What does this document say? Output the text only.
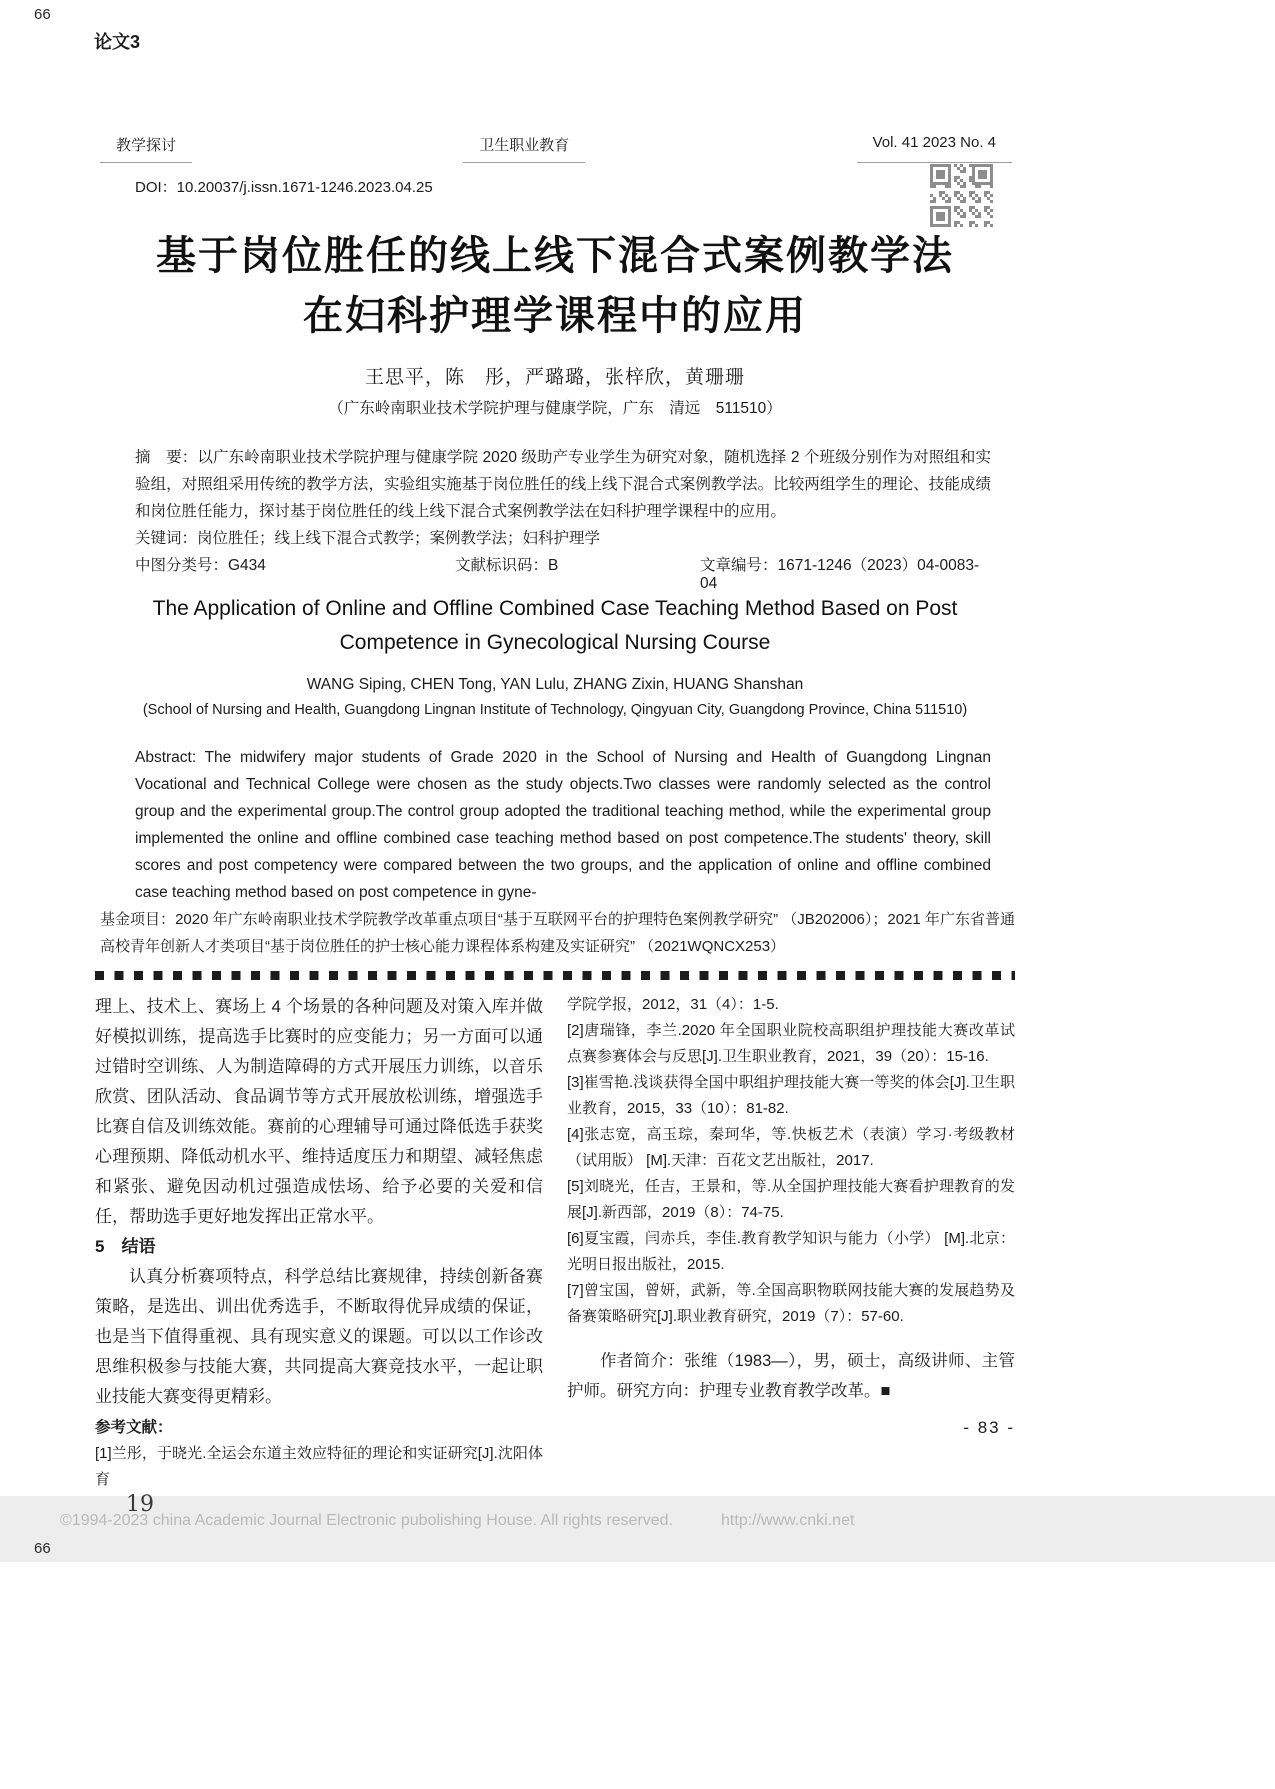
66
论文3
教学探讨	卫生职业教育	Vol. 41 2023 No. 4
DOI：10.20037/j.issn.1671-1246.2023.04.25
基于岗位胜任的线上线下混合式案例教学法
在妇科护理学课程中的应用
王思平，陈　彤，严璐璐，张梓欣，黄珊珊
（广东岭南职业技术学院护理与健康学院，广东　清远　511510）

摘　要：以广东岭南职业技术学院护理与健康学院 2020 级助产专业学生为研究对象，随机选择 2 个班级分别作为对照组和实验组，对照组采用传统的教学方法，实验组实施基于岗位胜任的线上线下混合式案例教学法。比较两组学生的理论、技能成绩和岗位胜任能力，探讨基于岗位胜任的线上线下混合式案例教学法在妇科护理学课程中的应用。

关键词：岗位胜任；线上线下混合式教学；案例教学法；妇科护理学

中图分类号：G434	文献标识码：B	文章编号：1671-1246（2023）04-0083-04
The Application of Online and Offline Combined Case Teaching Method Based on Post
Competence in Gynecological Nursing Course
WANG Siping, CHEN Tong, YAN Lulu, ZHANG Zixin, HUANG Shanshan
(School of Nursing and Health, Guangdong Lingnan Institute of Technology, Qingyuan City, Guangdong Province, China 511510)
Abstract: The midwifery major students of Grade 2020 in the School of Nursing and Health of Guangdong Lingnan Vocational and Technical College were chosen as the study objects.Two classes were randomly selected as the control group and the experimental group.The control group adopted the traditional teaching method, while the experimental group implemented the online and offline combined case teaching method based on post competence.The students' theory, skill scores and post competency were compared between the two groups, and the application of online and offline combined case teaching method based on post competence in gyne-
基金项目：2020 年广东岭南职业技术学院教学改革重点项目“基于互联网平台的护理特色案例教学研究” （JB202006）；2021 年广东省普通高校青年创新人才类项目“基于岗位胜任的护士核心能力课程体系构建及实证研究” （2021WQNCX253）

理上、技术上、赛场上 4 个场景的各种问题及对策入库并做好模拟训练，提高选手比赛时的应变能力；另一方面可以通过错时空训练、人为制造障碍的方式开展压力训练，以音乐欣赏、团队活动、食品调节等方式开展放松训练，增强选手比赛自信及训练效能。赛前的心理辅导可通过降低选手获奖心理预期、降低动机水平、维持适度压力和期望、减轻焦虑和紧张、避免因动机过强造成怯场、给予必要的关爱和信任，帮助选手更好地发挥出正常水平。

5　结语

认真分析赛项特点，科学总结比赛规律，持续创新备赛策略，是选出、训出优秀选手，不断取得优异成绩的保证，也是当下值得重视、具有现实意义的课题。可以以工作诊改思维积极参与技能大赛，共同提高大赛竞技水平，一起让职业技能大赛变得更精彩。

参考文献：

[1]兰彤，于晓光.全运会东道主效应特征的理论和实证研究[J].沈阳体育

学院学报，2012，31（4）：1-5.

[2]唐瑞锋，李兰.2020 年全国职业院校高职组护理技能大赛改革试点赛参赛体会与反思[J].卫生职业教育，2021，39（20）：15-16.

[3]崔雪艳.浅谈获得全国中职组护理技能大赛一等奖的体会[J].卫生职业教育，2015，33（10）：81-82.

[4]张志宽，高玉琮，秦珂华，等.快板艺术（表演）学习·考级教材（试用版） [M].天津：百花文艺出版社，2017.

[5]刘晓光，任吉，王景和，等.从全国护理技能大赛看护理教育的发展[J].新西部，2019（8）：74-75.

[6]夏宝霞，闫赤兵，李佳.教育教学知识与能力（小学） [M].北京：光明日报出版社，2015.

[7]曾宝国，曾妍，武新，等.全国高职物联网技能大赛的发展趋势及备赛策略研究[J].职业教育研究，2019（7）：57-60.

作者简介：张维（1983—），男，硕士，高级讲师、主管护师。研究方向：护理专业教育教学改革。■

- 83 -
19
66
©1994-2023 china Academic Journal Electronic pubolishing House. All rights reserved.	http://www.cnki.net
